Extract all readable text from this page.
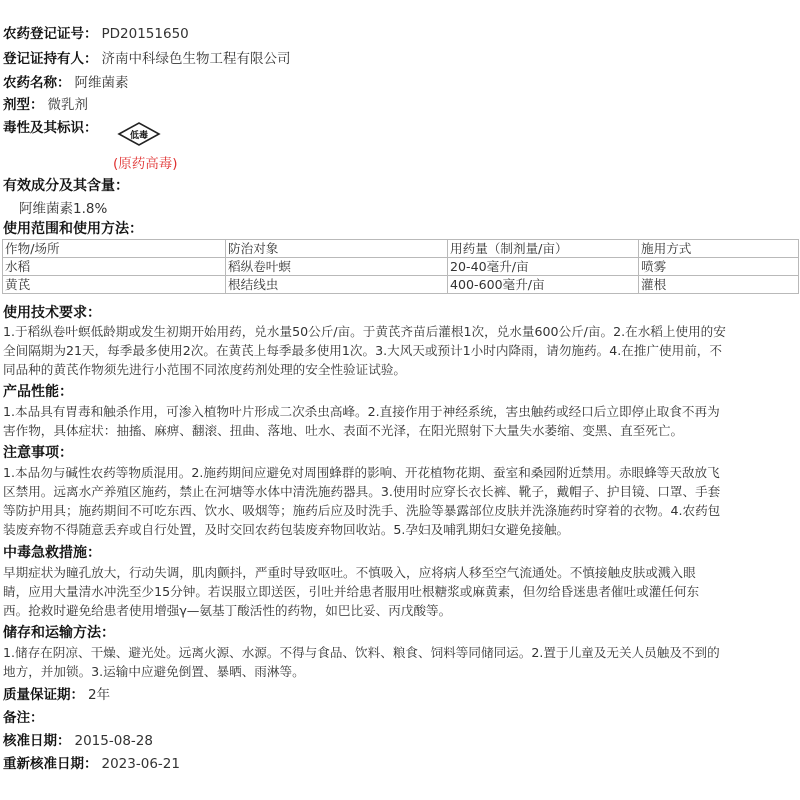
农药登记证号： PD20151650
登记证持有人： 济南中科绿色生物工程有限公司
农药名称： 阿维菌素
剂型： 微乳剂
毒性及其标识：	低毒
(原药高毒)
有效成分及其含量：
阿维菌素1.8%
使用范围和使用方法：
作物/场所	防治对象	用药量（制剂量/亩）	施用方式
水稻	稻纵卷叶螟	20-40毫升/亩	喷雾
黄芪	根结线虫	400-600毫升/亩	灌根
使用技术要求：
1.于稻纵卷叶螟低龄期或发生初期开始用药，兑水量50公斤/亩。于黄芪齐苗后灌根1次，兑水量600公斤/亩。2.在水稻上使用的安
全间隔期为21天，每季最多使用2次。在黄芪上每季最多使用1次。3.大风天或预计1小时内降雨，请勿施药。4.在推广使用前，不
同品种的黄芪作物须先进行小范围不同浓度药剂处理的安全性验证试验。
产品性能：
1.本品具有胃毒和触杀作用，可渗入植物叶片形成二次杀虫高峰。2.直接作用于神经系统，害虫触药或经口后立即停止取食不再为
害作物，具体症状：抽搐、麻痹、翻滚、扭曲、落地、吐水、表面不光泽，在阳光照射下大量失水萎缩、变黑、直至死亡。
注意事项：
1.本品勿与碱性农药等物质混用。2.施药期间应避免对周围蜂群的影响、开花植物花期、蚕室和桑园附近禁用。赤眼蜂等天敌放飞
区禁用。远离水产养殖区施药，禁止在河塘等水体中清洗施药器具。3.使用时应穿长衣长裤、靴子，戴帽子、护目镜、口罩、手套
等防护用具；施药期间不可吃东西、饮水、吸烟等；施药后应及时洗手、洗脸等暴露部位皮肤并洗涤施药时穿着的衣物。4.农药包
装废弃物不得随意丢弃或自行处置，及时交回农药包装废弃物回收站。5.孕妇及哺乳期妇女避免接触。
中毒急救措施：
早期症状为瞳孔放大，行动失调，肌肉颤抖，严重时导致呕吐。不慎吸入，应将病人移至空气流通处。不慎接触皮肤或溅入眼
睛，应用大量清水冲洗至少15分钟。若误服立即送医，引吐并给患者服用吐根糖浆或麻黄素，但勿给昏迷患者催吐或灌任何东
西。抢救时避免给患者使用增强γ—氨基丁酸活性的药物，如巴比妥、丙戊酸等。
储存和运输方法：
1.储存在阴凉、干燥、避光处。远离火源、水源。不得与食品、饮料、粮食、饲料等同储同运。2.置于儿童及无关人员触及不到的
地方，并加锁。3.运输中应避免倒置、暴晒、雨淋等。
质量保证期： 2年
备注：
核准日期： 2015-08-28
重新核准日期： 2023-06-21
